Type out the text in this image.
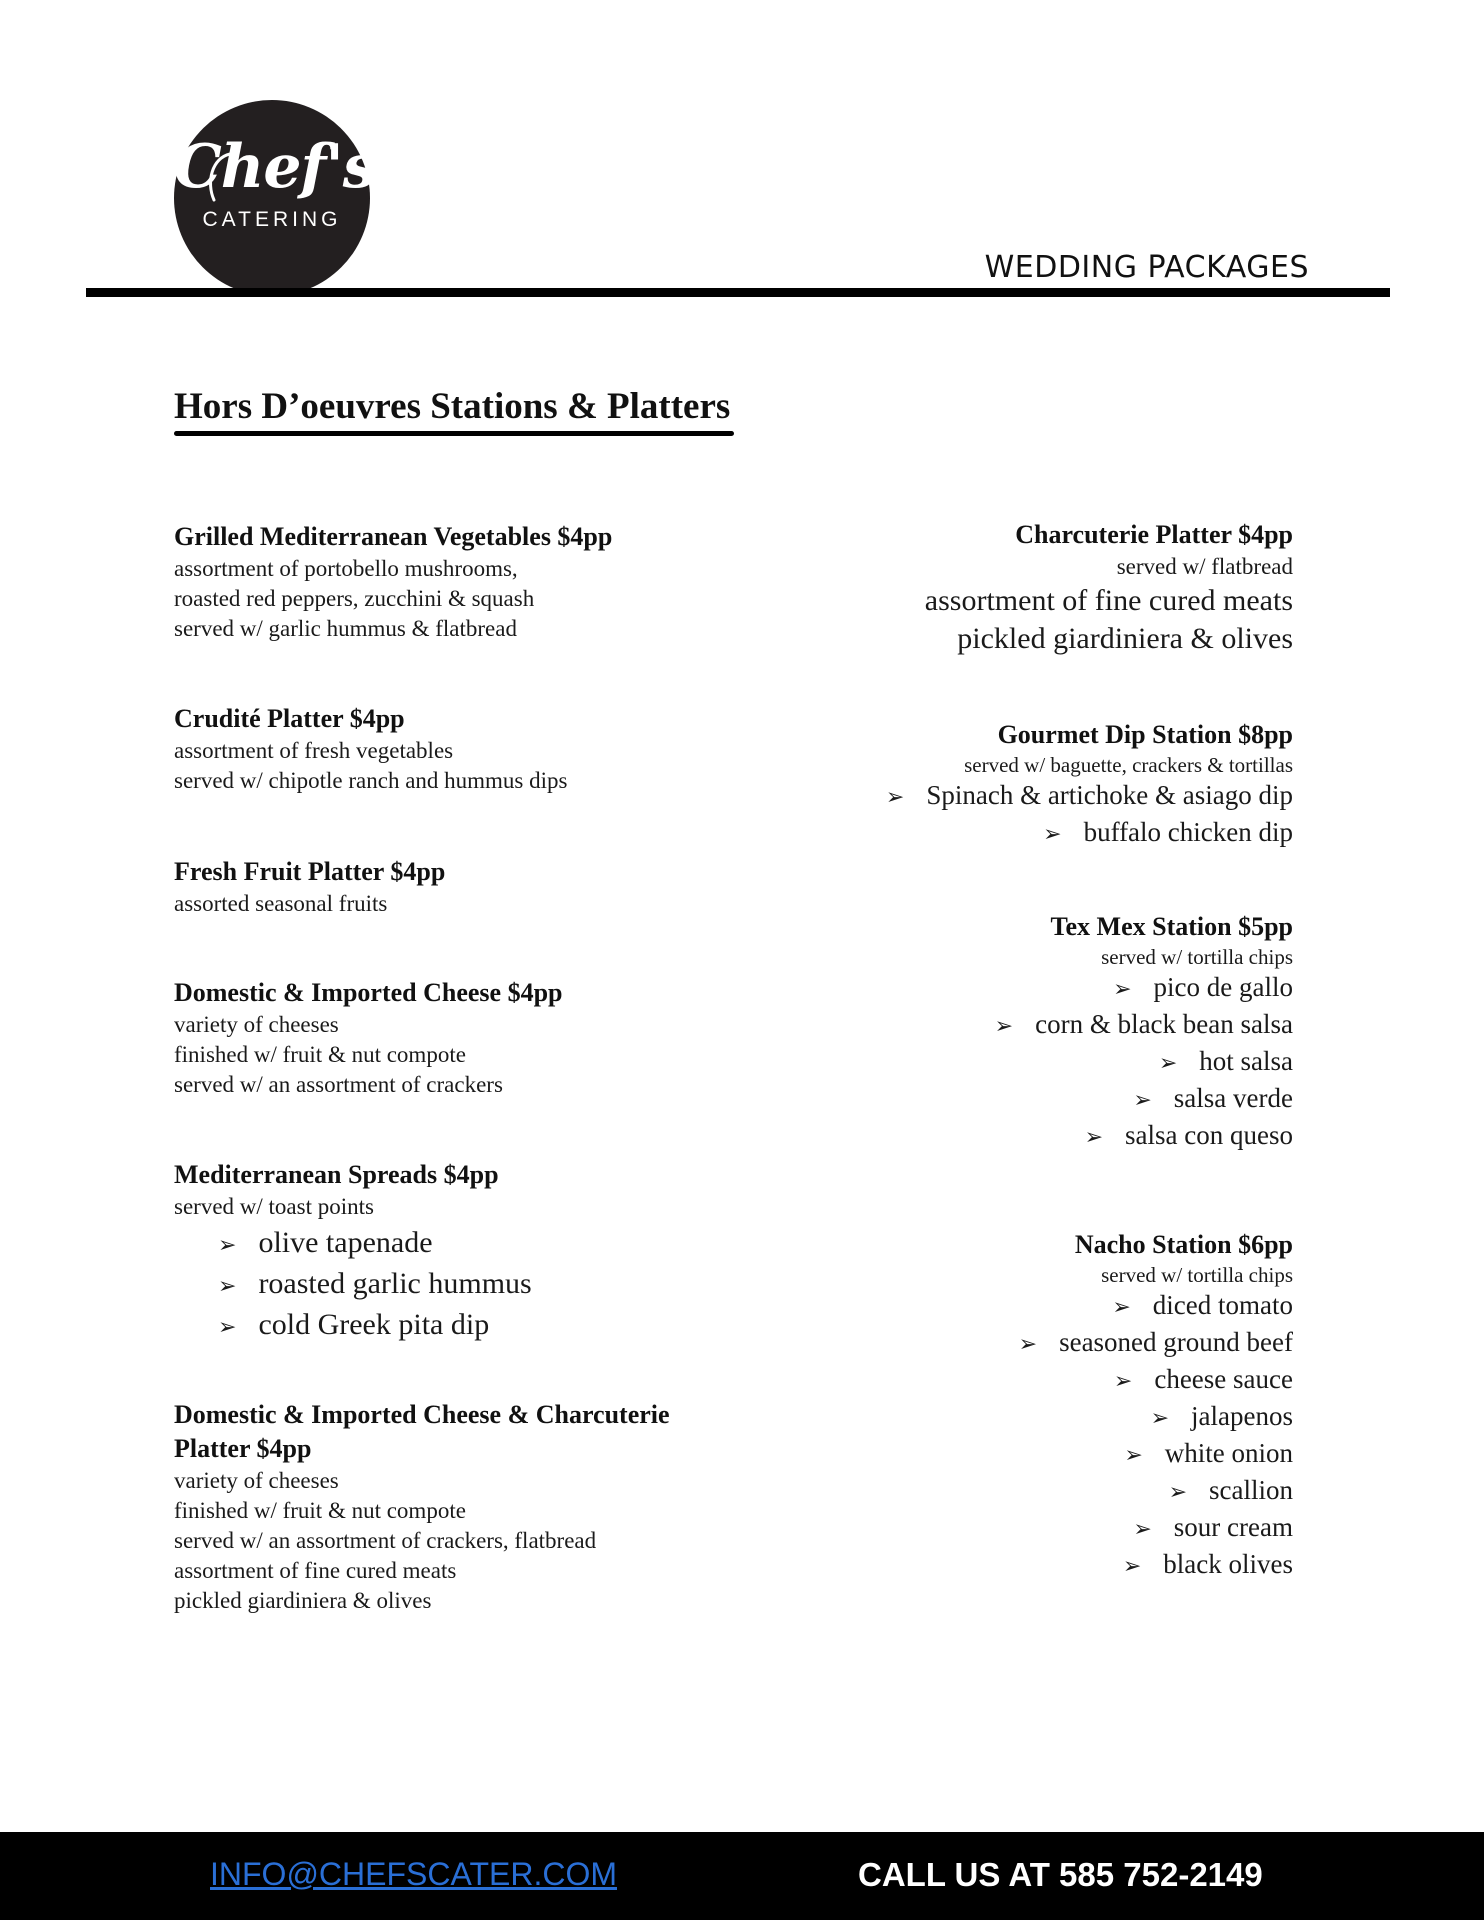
Chef's
CATERING
WEDDING PACKAGES
Hors D’oeuvres Stations & Platters
Grilled Mediterranean Vegetables $4pp
assortment of portobello mushrooms,
roasted red peppers, zucchini & squash
served w/ garlic hummus & flatbread
Crudité Platter $4pp
assortment of fresh vegetables
served w/ chipotle ranch and hummus dips
Fresh Fruit Platter $4pp
assorted seasonal fruits
Domestic & Imported Cheese $4pp
variety of cheeses
finished w/ fruit & nut compote
served w/ an assortment of crackers
Mediterranean Spreads $4pp
served w/ toast points
➢ olive tapenade
➢ roasted garlic hummus
➢ cold Greek pita dip
Domestic & Imported Cheese & Charcuterie
Platter $4pp
variety of cheeses
finished w/ fruit & nut compote
served w/ an assortment of crackers, flatbread
assortment of fine cured meats
pickled giardiniera & olives
Charcuterie Platter $4pp
served w/ flatbread
assortment of fine cured meats
pickled giardiniera & olives
Gourmet Dip Station $8pp
served w/ baguette, crackers & tortillas
➢ Spinach & artichoke & asiago dip
➢ buffalo chicken dip
Tex Mex Station $5pp
served w/ tortilla chips
➢ pico de gallo
➢ corn & black bean salsa
➢ hot salsa
➢ salsa verde
➢ salsa con queso
Nacho Station $6pp
served w/ tortilla chips
➢ diced tomato
➢ seasoned ground beef
➢ cheese sauce
➢ jalapenos
➢ white onion
➢ scallion
➢ sour cream
➢ black olives
INFO@CHEFSCATER.COM	CALL US AT 585 752-2149
